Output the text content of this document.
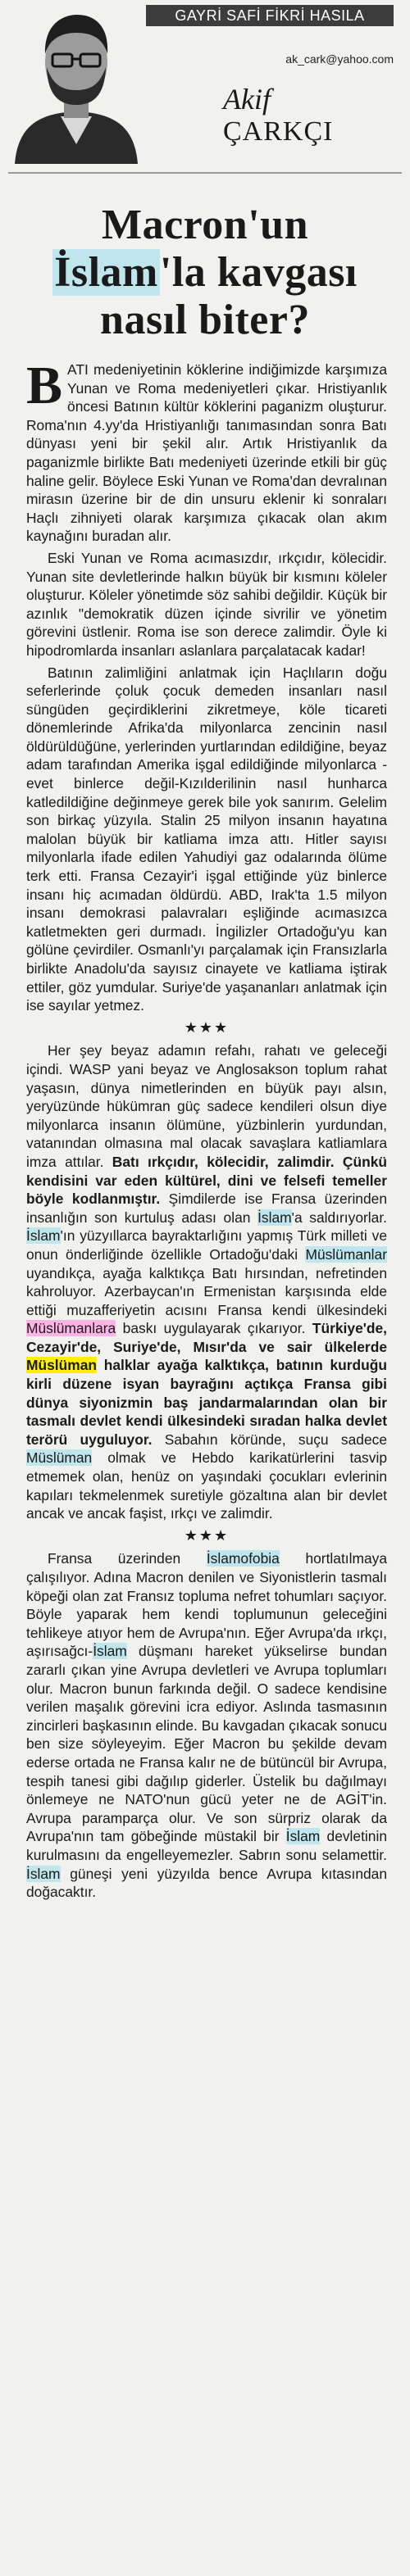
GAYRİ SAFİ FİKRİ HASILA
ak_cark@yahoo.com
Akif
ÇARKÇI
Macron'un
İslam'la kavgası
nasıl biter?

BATI medeniyetinin köklerine indiğimizde karşımıza Yunan ve Roma medeniyetleri çıkar. Hristiyanlık öncesi Batının kültür köklerini paganizm oluşturur. Roma'nın 4.yy'da Hristiyanlığı tanımasından sonra Batı dünyası yeni bir şekil alır. Artık Hristiyanlık da paganizmle birlikte Batı medeniyeti üzerinde etkili bir güç haline gelir. Böylece Eski Yunan ve Roma'dan devralınan mirasın üzerine bir de din unsuru eklenir ki sonraları Haçlı zihniyeti olarak karşımıza çıkacak olan akım kaynağını buradan alır.

Eski Yunan ve Roma acımasızdır, ırkçıdır, kölecidir. Yunan site devletlerinde halkın büyük bir kısmını köleler oluşturur. Köleler yönetimde söz sahibi değildir. Küçük bir azınlık "demokratik düzen içinde sivrilir ve yönetim görevini üstlenir. Roma ise son derece zalimdir. Öyle ki hipodromlarda insanları aslanlara parçalatacak kadar!

Batının zalimliğini anlatmak için Haçlıların doğu seferlerinde çoluk çocuk demeden insanları nasıl süngüden geçirdiklerini zikretmeye, köle ticareti dönemlerinde Afrika'da milyonlarca zencinin nasıl öldürüldüğüne, yerlerinden yurtlarından edildiğine, beyaz adam tarafından Amerika işgal edildiğinde milyonlarca -evet binlerce değil-Kızılderilinin nasıl hunharca katledildiğine değinmeye gerek bile yok sanırım. Gelelim son birkaç yüzyıla. Stalin 25 milyon insanın hayatına malolan büyük bir katliama imza attı. Hitler sayısı milyonlarla ifade edilen Yahudiyi gaz odalarında ölüme terk etti. Fransa Cezayir'i işgal ettiğinde yüz binlerce insanı hiç acımadan öldürdü. ABD, Irak'ta 1.5 milyon insanı demokrasi palavraları eşliğinde acımasızca katletmekten geri durmadı. İngilizler Ortadoğu'yu kan gölüne çevirdiler. Osmanlı'yı parçalamak için Fransızlarla birlikte Anadolu'da sayısız cinayete ve katliama iştirak ettiler, göz yumdular. Suriye'de yaşananları anlatmak için ise sayılar yetmez.

★★★

Her şey beyaz adamın refahı, rahatı ve geleceği içindi. WASP yani beyaz ve Anglosakson toplum rahat yaşasın, dünya nimetlerinden en büyük payı alsın, yeryüzünde hükümran güç sadece kendileri olsun diye milyonlarca insanın ölümüne, yüzbinlerin yurdundan, vatanından olmasına mal olacak savaşlara katliamlara imza attılar. Batı ırkçıdır, kölecidir, zalimdir. Çünkü kendisini var eden kültürel, dini ve felsefi temeller böyle kodlanmıştır. Şimdilerde ise Fransa üzerinden insanlığın son kurtuluş adası olan İslam'a saldırıyorlar. İslam'ın yüzyıllarca bayraktarlığını yapmış Türk milleti ve onun önderliğinde özellikle Ortadoğu'daki Müslümanlar uyandıkça, ayağa kalktıkça Batı hırsından, nefretinden kahroluyor. Azerbaycan'ın Ermenistan karşısında elde ettiği muzafferiyetin acısını Fransa kendi ülkesindeki Müslümanlara baskı uygulayarak çıkarıyor. Türkiye'de, Cezayir'de, Suriye'de, Mısır'da ve sair ülkelerde Müslüman halklar ayağa kalktıkça, batının kurduğu kirli düzene isyan bayrağını açtıkça Fransa gibi dünya siyonizmin baş jandarmalarından olan bir tasmalı devlet kendi ülkesindeki sıradan halka devlet terörü uyguluyor. Sabahın köründe, suçu sadece Müslüman olmak ve Hebdo karikatürlerini tasvip etmemek olan, henüz on yaşındaki çocukları evlerinin kapıları tekmelenmek suretiyle gözaltına alan bir devlet ancak ve ancak faşist, ırkçı ve zalimdir.

★★★

Fransa üzerinden İslamofobia hortlatılmaya çalışılıyor. Adına Macron denilen ve Siyonistlerin tasmalı köpeği olan zat Fransız topluma nefret tohumları saçıyor. Böyle yaparak hem kendi toplumunun geleceğini tehlikeye atıyor hem de Avrupa'nın. Eğer Avrupa'da ırkçı, aşırısağcı-İslam düşmanı hareket yükselirse bundan zararlı çıkan yine Avrupa devletleri ve Avrupa toplumları olur. Macron bunun farkında değil. O sadece kendisine verilen maşalık görevini icra ediyor. Aslında tasmasının zincirleri başkasının elinde. Bu kavgadan çıkacak sonucu ben size söyleyeyim. Eğer Macron bu şekilde devam ederse ortada ne Fransa kalır ne de bütüncül bir Avrupa, tespih tanesi gibi dağılıp giderler. Üstelik bu dağılmayı önlemeye ne NATO'nun gücü yeter ne de AGİT'in. Avrupa paramparça olur. Ve son sürpriz olarak da Avrupa'nın tam göbeğinde müstakil bir İslam devletinin kurulmasını da engelleyemezler. Sabrın sonu selamettir. İslam güneşi yeni yüzyılda bence Avrupa kıtasından doğacaktır.
